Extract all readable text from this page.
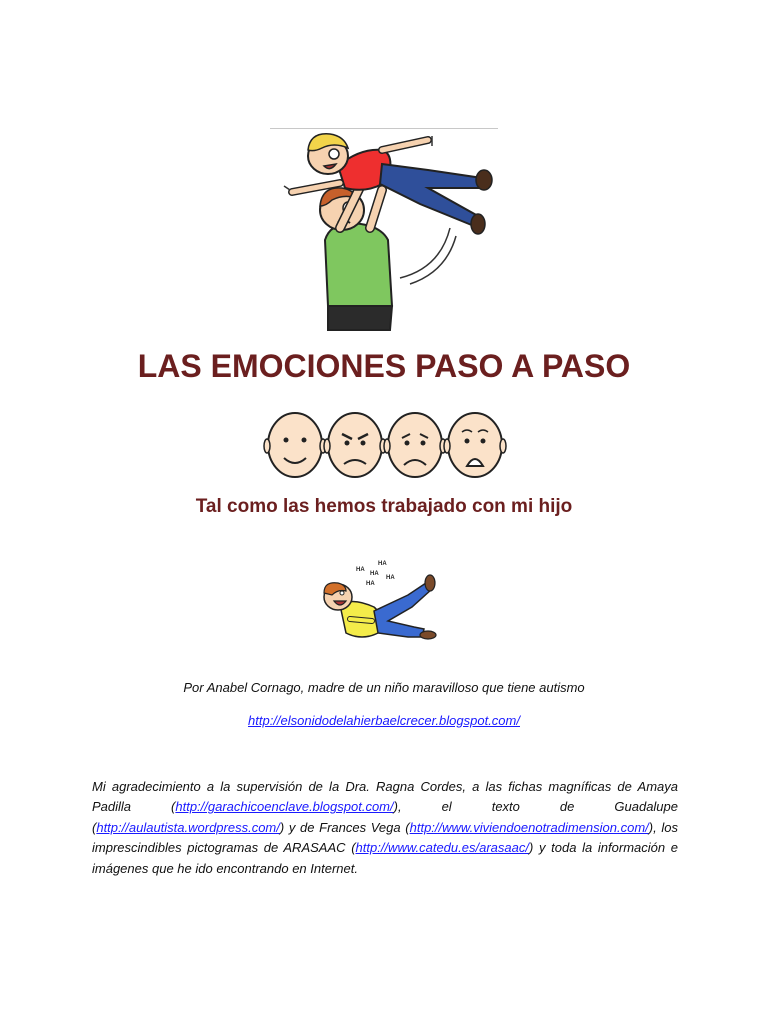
LAS EMOCIONES PASO A PASO
Tal como las hemos trabajado con mi hijo
HA
HA
HA
HA
HA
Por Anabel Cornago, madre de un niño maravilloso que tiene autismo
http://elsonidodelahierbaelcrecer.blogspot.com/
Mi agradecimiento a la supervisión de la Dra. Ragna Cordes, a las fichas magníficas de Amaya Padilla (http://garachicoenclave.blogspot.com/), el texto de Guadalupe (http://aulautista.wordpress.com/) y de Frances Vega (http://www.viviendoenotradimension.com/), los imprescindibles pictogramas de ARASAAC (http://www.catedu.es/arasaac/) y toda la información e imágenes que he ido encontrando en Internet.
